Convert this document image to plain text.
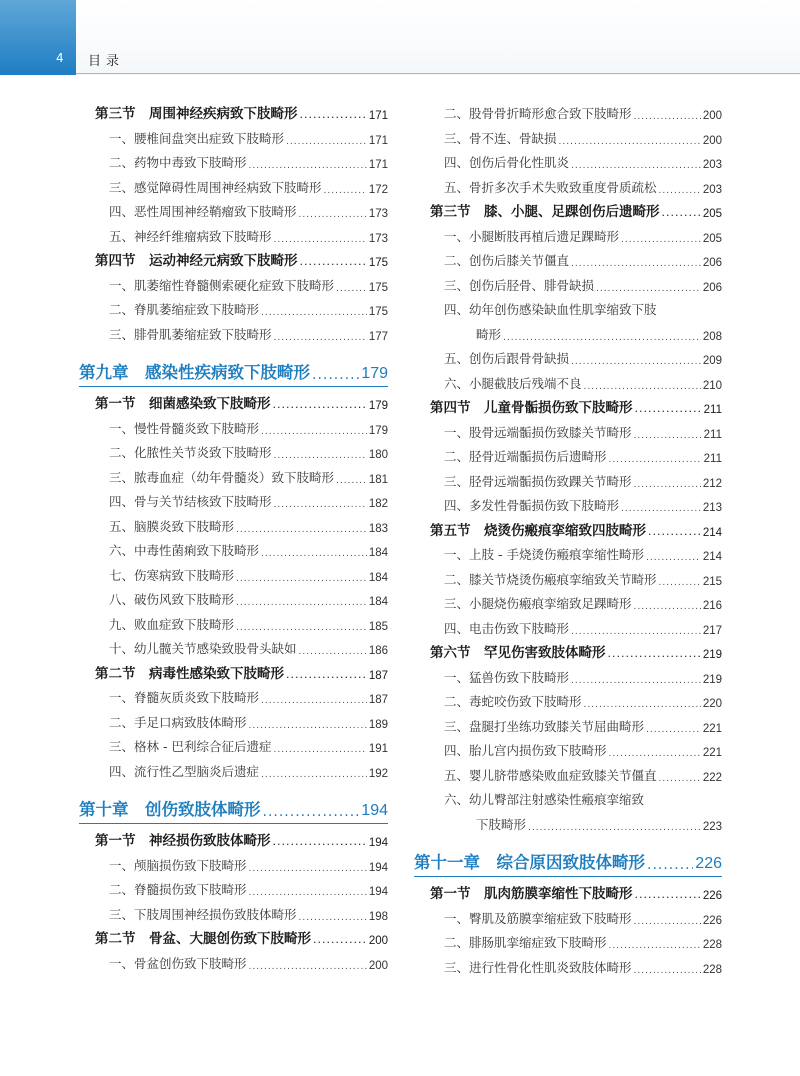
4 目录
第三节　周围神经疾病致下肢畸形 .....	171
一、腰椎间盘突出症致下肢畸形 .....	171
二、药物中毒致下肢畸形 .....	171
三、感觉障碍性周围神经病致下肢畸形 .....	172
四、恶性周围神经鞘瘤致下肢畸形 .....	173
五、神经纤维瘤病致下肢畸形 .....	173
第四节　运动神经元病致下肢畸形 .....	175
一、肌萎缩性脊髓侧索硬化症致下肢畸形 .....	175
二、脊肌萎缩症致下肢畸形 .....	175
三、腓骨肌萎缩症致下肢畸形 .....	177
第九章　感染性疾病致下肢畸形 .....	179
第一节　细菌感染致下肢畸形 .....	179
一、慢性骨髓炎致下肢畸形 .....	179
二、化脓性关节炎致下肢畸形 .....	180
三、脓毒血症（幼年骨髓炎）致下肢畸形 .....	181
四、骨与关节结核致下肢畸形 .....	182
五、脑膜炎致下肢畸形 .....	183
六、中毒性菌痢致下肢畸形 .....	184
七、伤寒病致下肢畸形 .....	184
八、破伤风致下肢畸形 .....	184
九、败血症致下肢畸形 .....	185
十、幼儿髋关节感染致股骨头缺如 .....	186
第二节　病毒性感染致下肢畸形 .....	187
一、脊髓灰质炎致下肢畸形 .....	187
二、手足口病致肢体畸形 .....	189
三、格林 - 巴利综合征后遗症 .....	191
四、流行性乙型脑炎后遗症 .....	192
第十章　创伤致肢体畸形 .....	194
第一节　神经损伤致肢体畸形 .....	194
一、颅脑损伤致下肢畸形 .....	194
二、脊髓损伤致下肢畸形 .....	194
三、下肢周围神经损伤致肢体畸形 .....	198
第二节　骨盆、大腿创伤致下肢畸形 .....	200
一、骨盆创伤致下肢畸形 .....	200
二、股骨骨折畸形愈合致下肢畸形 .....	200
三、骨不连、骨缺损 .....	200
四、创伤后骨化性肌炎 .....	203
五、骨折多次手术失败致重度骨质疏松 .....	203
第三节　膝、小腿、足踝创伤后遗畸形 .....	205
一、小腿断肢再植后遗足踝畸形 .....	205
二、创伤后膝关节僵直 .....	206
三、创伤后胫骨、腓骨缺损 .....	206
四、幼年创伤感染缺血性肌挛缩致下肢
畸形 .....	208
五、创伤后跟骨骨缺损 .....	209
六、小腿截肢后残端不良 .....	210
第四节　儿童骨骺损伤致下肢畸形 .....	211
一、股骨远端骺损伤致膝关节畸形 .....	211
二、胫骨近端骺损伤后遗畸形 .....	211
三、胫骨远端骺损伤致踝关节畸形 .....	212
四、多发性骨骺损伤致下肢畸形 .....	213
第五节　烧烫伤瘢痕挛缩致四肢畸形 .....	214
一、上肢 - 手烧烫伤瘢痕挛缩性畸形 .....	214
二、膝关节烧烫伤瘢痕挛缩致关节畸形 .....	215
三、小腿烧伤瘢痕挛缩致足踝畸形 .....	216
四、电击伤致下肢畸形 .....	217
第六节　罕见伤害致肢体畸形 .....	219
一、猛兽伤致下肢畸形 .....	219
二、毒蛇咬伤致下肢畸形 .....	220
三、盘腿打坐练功致膝关节屈曲畸形 .....	221
四、胎儿宫内损伤致下肢畸形 .....	221
五、婴儿脐带感染败血症致膝关节僵直 .....	222
六、幼儿臀部注射感染性瘢痕挛缩致
下肢畸形 .....	223
第十一章　综合原因致肢体畸形 .....	226
第一节　肌肉筋膜挛缩性下肢畸形 .....	226
一、臀肌及筋膜挛缩症致下肢畸形 .....	226
二、腓肠肌挛缩症致下肢畸形 .....	228
三、进行性骨化性肌炎致肢体畸形 .....	228
